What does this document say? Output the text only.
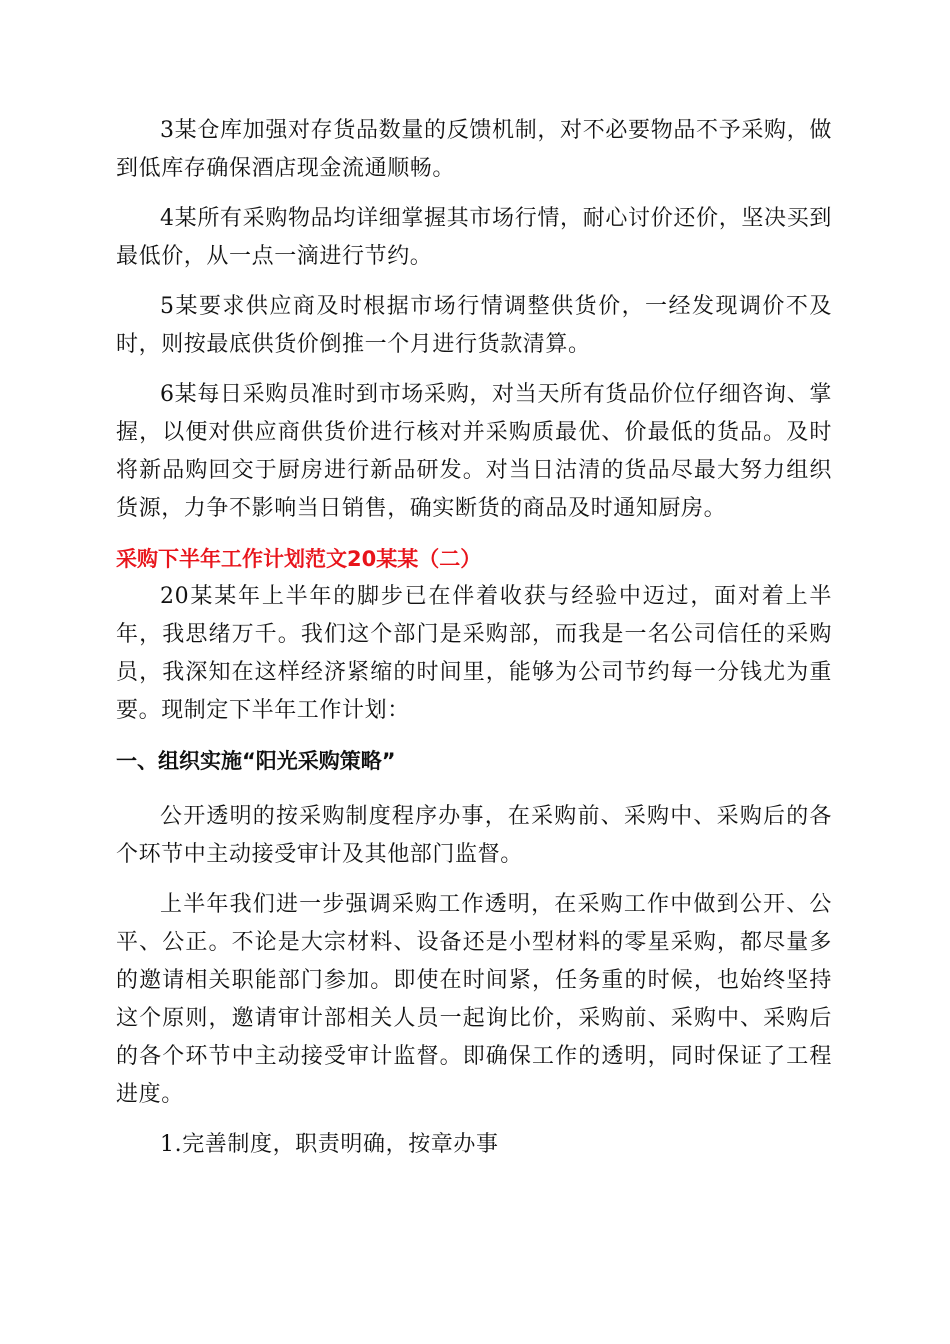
3某仓库加强对存货品数量的反馈机制，对不必要物品不予采购，做到低库存确保酒店现金流通顺畅。

4某所有采购物品均详细掌握其市场行情，耐心讨价还价，坚决买到最低价，从一点一滴进行节约。

5某要求供应商及时根据市场行情调整供货价，一经发现调价不及时，则按最底供货价倒推一个月进行货款清算。

6某每日采购员准时到市场采购，对当天所有货品价位仔细咨询、掌握，以便对供应商供货价进行核对并采购质最优、价最低的货品。及时将新品购回交于厨房进行新品研发。对当日沽清的货品尽最大努力组织货源，力争不影响当日销售，确实断货的商品及时通知厨房。

采购下半年工作计划范文20某某（二）

20某某年上半年的脚步已在伴着收获与经验中迈过，面对着上半年，我思绪万千。我们这个部门是采购部，而我是一名公司信任的采购员，我深知在这样经济紧缩的时间里，能够为公司节约每一分钱尤为重要。现制定下半年工作计划：

一、组织实施“阳光采购策略”

公开透明的按采购制度程序办事，在采购前、采购中、采购后的各个环节中主动接受审计及其他部门监督。

上半年我们进一步强调采购工作透明，在采购工作中做到公开、公平、公正。不论是大宗材料、设备还是小型材料的零星采购，都尽量多的邀请相关职能部门参加。即使在时间紧，任务重的时候，也始终坚持这个原则，邀请审计部相关人员一起询比价，采购前、采购中、采购后的各个环节中主动接受审计监督。即确保工作的透明，同时保证了工程进度。

1.完善制度，职责明确，按章办事
